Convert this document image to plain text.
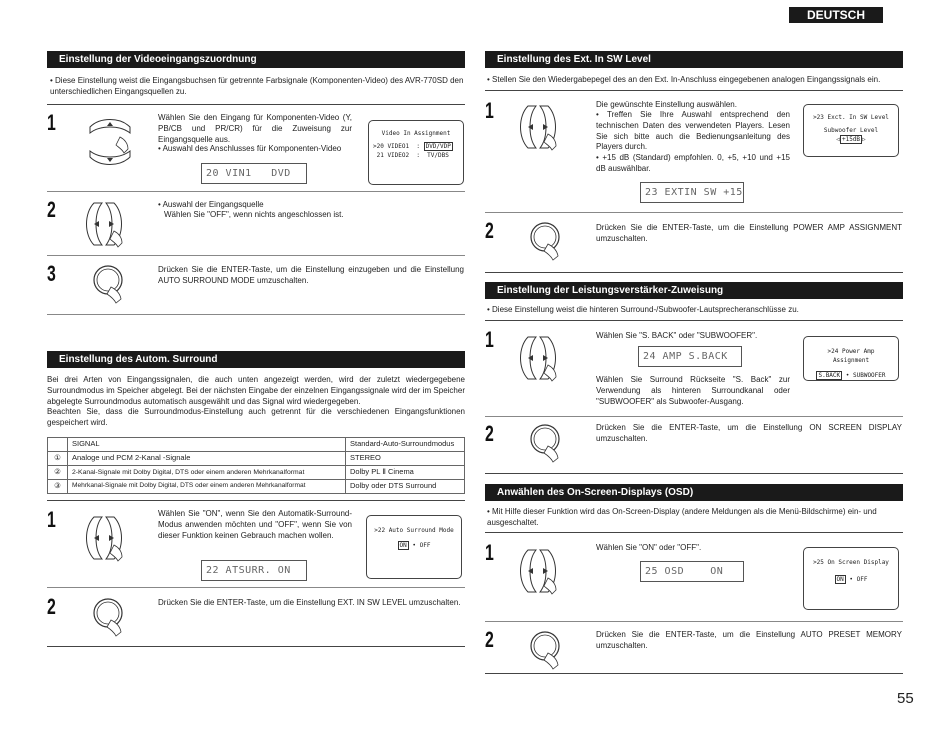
DEUTSCH
Einstellung der Videoeingangszuordnung
• Diese Einstellung weist die Eingangsbuchsen für getrennte Farbsignale (Komponenten-Video) des AVR-770SD den unterschiedlichen Eingangsquellen zu.
1	Wählen Sie den Eingang für Komponenten-Video (Y, PB/CB und PR/CR) für die Zuweisung zur Eingangsquelle aus.
• Auswahl des Anschlusses für Komponenten-Video
20 VIN1   DVD
Video In Assignment
>20 VIDEO1  : DVD/VDP
21 VIDEO2  :  TV/DBS
2	• Auswahl der Eingangsquelle
Wählen Sie "OFF", wenn nichts angeschlossen ist.
3	Drücken Sie die ENTER-Taste, um die Einstellung einzugeben und die Einstellung AUTO SURROUND MODE umzuschalten.
Einstellung des Autom. Surround
Bei drei Arten von Eingangssignalen, die auch unten angezeigt werden, wird der zuletzt wiedergegebene Surroundmodus im Speicher abgelegt. Bei der nächsten Eingabe der einzelnen Eingangssignale wird der im Speicher abgelegte Surroundmodus automatisch ausgewählt und das Signal wird wiedergegeben.
Beachten Sie, dass die Surroundmodus-Einstellung auch getrennt für die verschiedenen Eingangsfunktionen gespeichert wird.
	SIGNAL	Standard-Auto-Surroundmodus
①	Analoge und PCM 2-Kanal -Signale	STEREO
②	2-Kanal-Signale mit Dolby Digital, DTS oder einem anderen Mehrkanalformat	Dolby PL Ⅱ Cinema
③	Mehrkanal-Signale mit Dolby Digital, DTS oder einem anderen Mehrkanalformat	Dolby oder DTS Surround
1	Wählen Sie "ON", wenn Sie den Automatik-Surround-Modus anwenden möchten und "OFF", wenn Sie von dieser Funktion keinen Gebrauch machen wollen.
22 ATSURR. ON
>22 Auto Surround Mode
ON • OFF
2	Drücken Sie die ENTER-Taste, um die Einstellung EXT. IN SW LEVEL umzuschalten.
Einstellung des Ext. In SW Level
• Stellen Sie den Wiedergabepegel des an den Ext. In-Anschluss eingegebenen analogen Eingangssignals ein.
1	Die gewünschte Einstellung auswählen.
• Treffen Sie Ihre Auswahl entsprechend den technischen Daten des verwendeten Players. Lesen Sie sich bitte auch die Bedienungsanleitung des Players durch.
• +15 dB (Standard) empfohlen. 0, +5, +10 und +15 dB auswählbar.
23 EXTIN SW +15
>23 Exct. In SW Level
Subwoofer Level
◁ +15dB ▷
2	Drücken Sie die ENTER-Taste, um die Einstellung POWER AMP ASSIGNMENT umzuschalten.
Einstellung der Leistungsverstärker-Zuweisung
• Diese Einstellung weist die hinteren Surround-/Subwoofer-Lautsprecheranschlüsse zu.
1	Wählen Sie "S. BACK" oder "SUBWOOFER".
24 AMP S.BACK
Wählen Sie Surround Rückseite "S. Back" zur Verwendung als hinteren Surroundkanal oder "SUBWOOFER" als Subwoofer-Ausgang.
>24 Power Amp Assignment
S.BACK • SUBWOOFER
2	Drücken Sie die ENTER-Taste, um die Einstellung ON SCREEN DISPLAY umzuschalten.
Anwählen des On-Screen-Displays (OSD)
• Mit Hilfe dieser Funktion wird das On-Screen-Display (andere Meldungen als die Menü-Bildschirme) ein- und ausgeschaltet.
1	Wählen Sie "ON" oder "OFF".
25 OSD    ON
>25 On Screen Display
ON • OFF
2	Drücken Sie die ENTER-Taste, um die Einstellung AUTO PRESET MEMORY umzuschalten.
55
